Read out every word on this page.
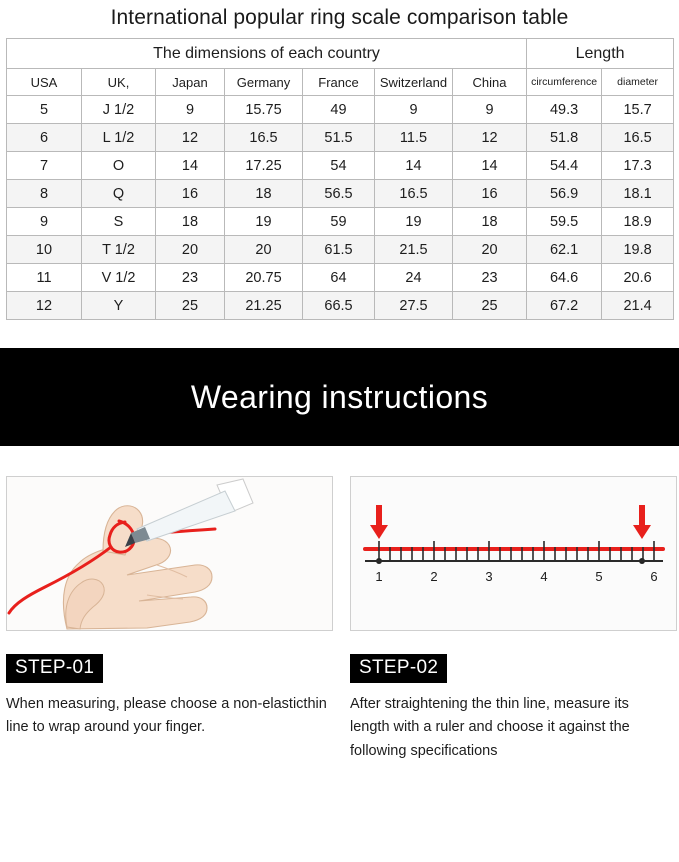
International popular ring scale comparison table
The dimensions of each country							Length	
USA	UK,	Japan	Germany	France	Switzerland	China	circumference	diameter
5	J 1/2	9	15.75	49	9	9	49.3	15.7
6	L 1/2	12	16.5	51.5	11.5	12	51.8	16.5
7	O	14	17.25	54	14	14	54.4	17.3
8	Q	16	18	56.5	16.5	16	56.9	18.1
9	S	18	19	59	19	18	59.5	18.9
10	T 1/2	20	20	61.5	21.5	20	62.1	19.8
11	V 1/2	23	20.75	64	24	23	64.6	20.6
12	Y	25	21.25	66.5	27.5	25	67.2	21.4
Wearing instructions
STEP-01
When measuring, please choose a non-elasticthin line to wrap around your finger.
1	2	3	4	5	6
STEP-02
After straightening the thin line, measure its length with a ruler and choose it against the following specifications
